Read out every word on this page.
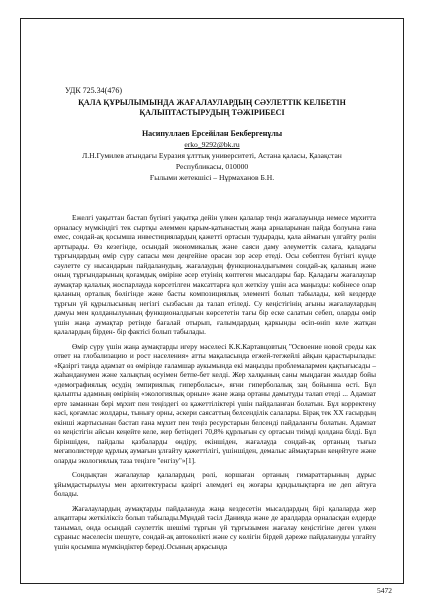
УДК 725.34(476)
ҚАЛА ҚҰРЫЛЫМЫНДА ЖАҒАЛАУЛАРДЫҢ СӘУЛЕТТІК КЕЛБЕТІН
ҚАЛЫПТАСТЫРУДЫҢ ТӘЖІРИБЕСІ
Насипуллаев Ерсейілан Бекбергенұлы
erko_9292@bk.ru
Л.Н.Гумилев атындағы Еуразия ұлттық университеті, Астана қаласы, Қазақстан
Республикасы, 010000
Ғылыми жетекшісі – Нұрмаханов Б.Н.

Ежелгі уақыттан бастап бүгінгі уақытқа дейін үлкен қалалар теңіз жағалауында немесе мұхитта орналасу мүмкіндігі тек сыртқы әлеммен қарым-қатынастың жаңа арналарынан пайда болуына ғана емес, сондай-ақ қосымша инвестициялардың қажетті ортасын тудырады, қала аймағын үлгайту рөлін арттырады. Өз кезегінде, осындай экономикалық және саяси даму әлеуметтік салаға, қаладағы тұрғындардың өмір сүру сапасы мен деңгейіне орасан зор әсер етеді. Осы себептен бүгінгі күнде сәулетте су нысандарын пайдаланудың, жағалаудың функционалдығымен сондай-ақ қаланың және оның тұрғындарының қоғамдық өміріне әсер етуінің көптеген мысалдары бар. Қаладағы жағалаулар аумақтар қалалық жоспарлауда көрсетілген максаттарға қол жеткізу үшін аса маңызды: көбінесе олар қаланың орталық бөлігінде және басты композициялық элементі болып табылады, кей кездерде тұрғын үй құрылысының негізгі сызбасын да талап етіледі. Су кеңістігінің ағыны жағалаулардың дамуы мен қолданылуының функционалдығын көрсететін тағы бір еске салатын себеп, оларды өмір үшін жаңа аумақтар ретінде бағалай отырып, ғалымдардың қаркынды өсіп-өніп келе жатқан қалалардың бірден- бір фактісі болып табылады.

Өмір сүру үшін жаңа аумақтарды игеру мәселесі К.К.Картавцовтың "Освоение новой среды как ответ на глобализацию и рост населения» атты мақаласында егжей-тегжейлі айқын қарастырылады: «Қазіргі таңда адамзат өз өмірінде ғаламшар аукымында екі маңызды проблемалармен қақтығысады – жаһанданумен және халықтың өсуімен бетпе-бет келді. Жер халқының саны мыңдаған жылдар бойы «демографиялық өсудің эмпириялық гиперболасы», яғни гиперболалық заң бойынша өсті. Бұл қалыпты адамның өмірінің «экологиялық орнын» және жаңа ортаны дамытуды талап етеді ... Адамзат ерте заманнан бері мұхит пен теңіздегі өз қажеттіліктері үшін пайдаланған болатын. Бұл корректену кәсі, қоғамлас жолдары, тынығу орны, әскери саясаттың белсенділік салалары. Бірақ тек ХХ ғасырдың екінші жартысынан бастап ғана мұхит пен теңіз ресурстарын белсенді пайдаланғы болатын. Адамзат өз кеңістігін айсын кеңейте келе, жер бетіндегі 70,8% құрлығын су ортасын тиімді қолдана білді. Бұл біріншіден, пайдалы қазбаларды өндіру, екіншіден, жағалауда сондай-ақ ортаның тығыз мегаполистерде құрлық аумағын ұлғайту қажеттілігі, үшіншіден, демалыс аймақтарын кеңейтуге және оларды экологиялық таза теңізге "енгізу"»[1].

Сондықтан жағалаулар қалалардың рөлі, коршаған ортаның гимараттарының дұрыс ұйымдастырылуы мен архитектурасы қазіргі әлемдегі ең жоғары құндылықтарға ие деп айтуға болады.

Жағалаулардың аумақтарды пайдалануда жаңа кездесетін мысалдардың бірі қалаларда жер алқаптары жеткіліксіз болып табылады.Мұндай тәсіл Данияда және де аралдарда орналасқан елдерде танымал, онда осындай сәулеттік шешімі тұрғын үй тұрғызымен жағалау кеңістігіне деген үлкен сұраныс мәселесін шешуге, сондай-ақ автокөлікті және су көлігін бірдей дәреже пайдалануды үлгайту үшін қосымша мүмкіндіктер береді.Осының арқасында

5472
